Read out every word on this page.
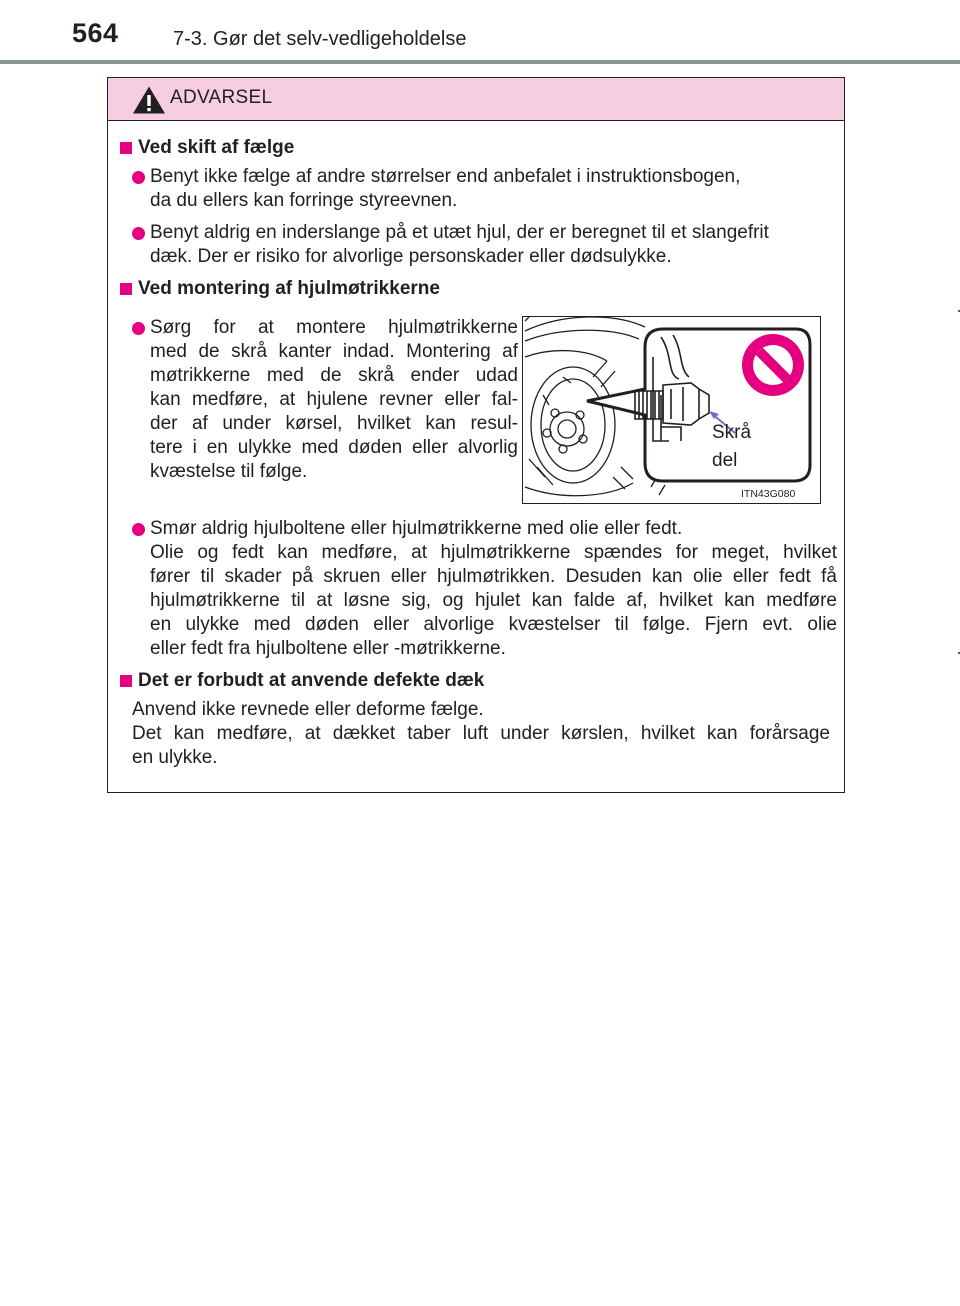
564	7-3. Gør det selv-vedligeholdelse
ADVARSEL
Ved skift af fælge
Benyt ikke fælge af andre størrelser end anbefalet i instruktionsbogen,
da du ellers kan forringe styreevnen.
Benyt aldrig en inderslange på et utæt hjul, der er beregnet til et slangefrit
dæk. Der er risiko for alvorlige personskader eller dødsulykke.
Ved montering af hjulmøtrikkerne
Sørg for at montere hjulmøtrikkerne
med de skrå kanter indad. Montering af
møtrikkerne med de skrå ender udad
kan medføre, at hjulene revner eller fal-
der af under kørsel, hvilket kan resul-
tere i en ulykke med døden eller alvorlig
kvæstelse til følge.
Skrå
del
ITN43G080
Smør aldrig hjulboltene eller hjulmøtrikkerne med olie eller fedt.
Olie og fedt kan medføre, at hjulmøtrikkerne spændes for meget, hvilket
fører til skader på skruen eller hjulmøtrikken. Desuden kan olie eller fedt få
hjulmøtrikkerne til at løsne sig, og hjulet kan falde af, hvilket kan medføre
en ulykke med døden eller alvorlige kvæstelser til følge. Fjern evt. olie
eller fedt fra hjulboltene eller -møtrikkerne.
Det er forbudt at anvende defekte dæk
Anvend ikke revnede eller deforme fælge.
Det kan medføre, at dækket taber luft under kørslen, hvilket kan forårsage
en ulykke.
